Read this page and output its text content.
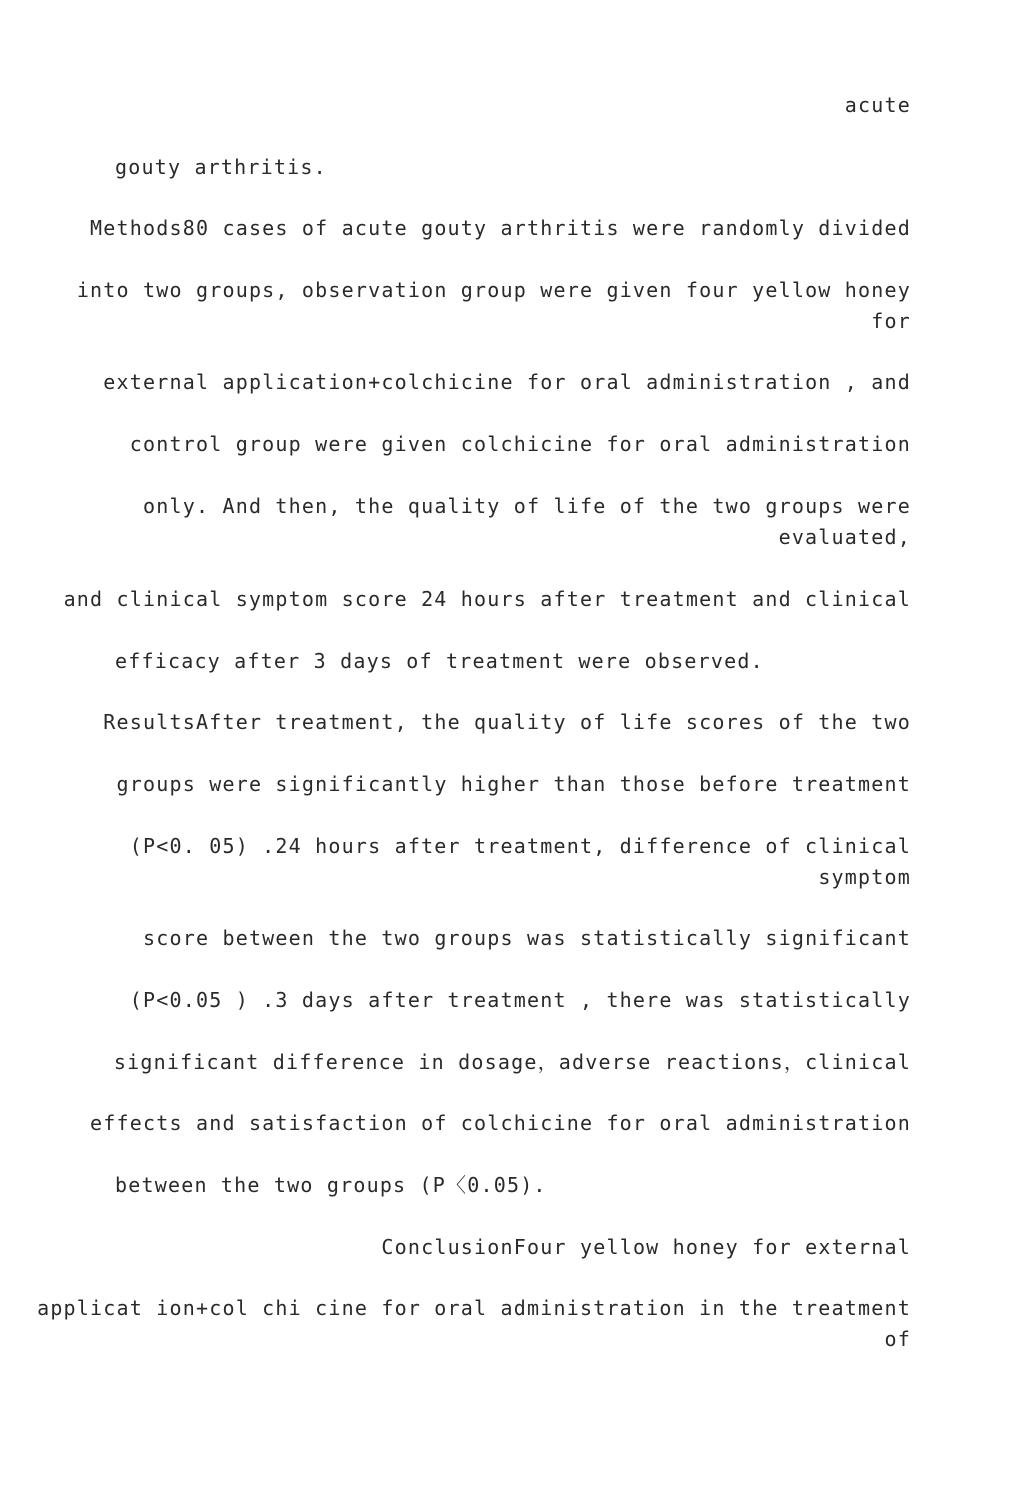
acute
gouty arthritis.
Methods80 cases of acute gouty arthritis were randomly divided
into two groups, observation group were given four yellow honey
for
external application+colchicine for oral administration , and
control group were given colchicine for oral administration
only. And then, the quality of life of the two groups were
evaluated,
and clinical symptom score 24 hours after treatment and clinical
efficacy after 3 days of treatment were observed.
ResultsAfter treatment, the quality of life scores of the two
groups were significantly higher than those before treatment
(P<0. 05) .24 hours after treatment, difference of clinical
symptom
score between the two groups was statistically significant
(P<0.05 ) .3 days after treatment , there was statistically
significant difference in dosage，adverse reactions，clinical
effects and satisfaction of colchicine for oral administration
between the two groups (P〈0.05).
ConclusionFour yellow honey for external
applicat ion+col chi cine for oral administration in the treatment
of
